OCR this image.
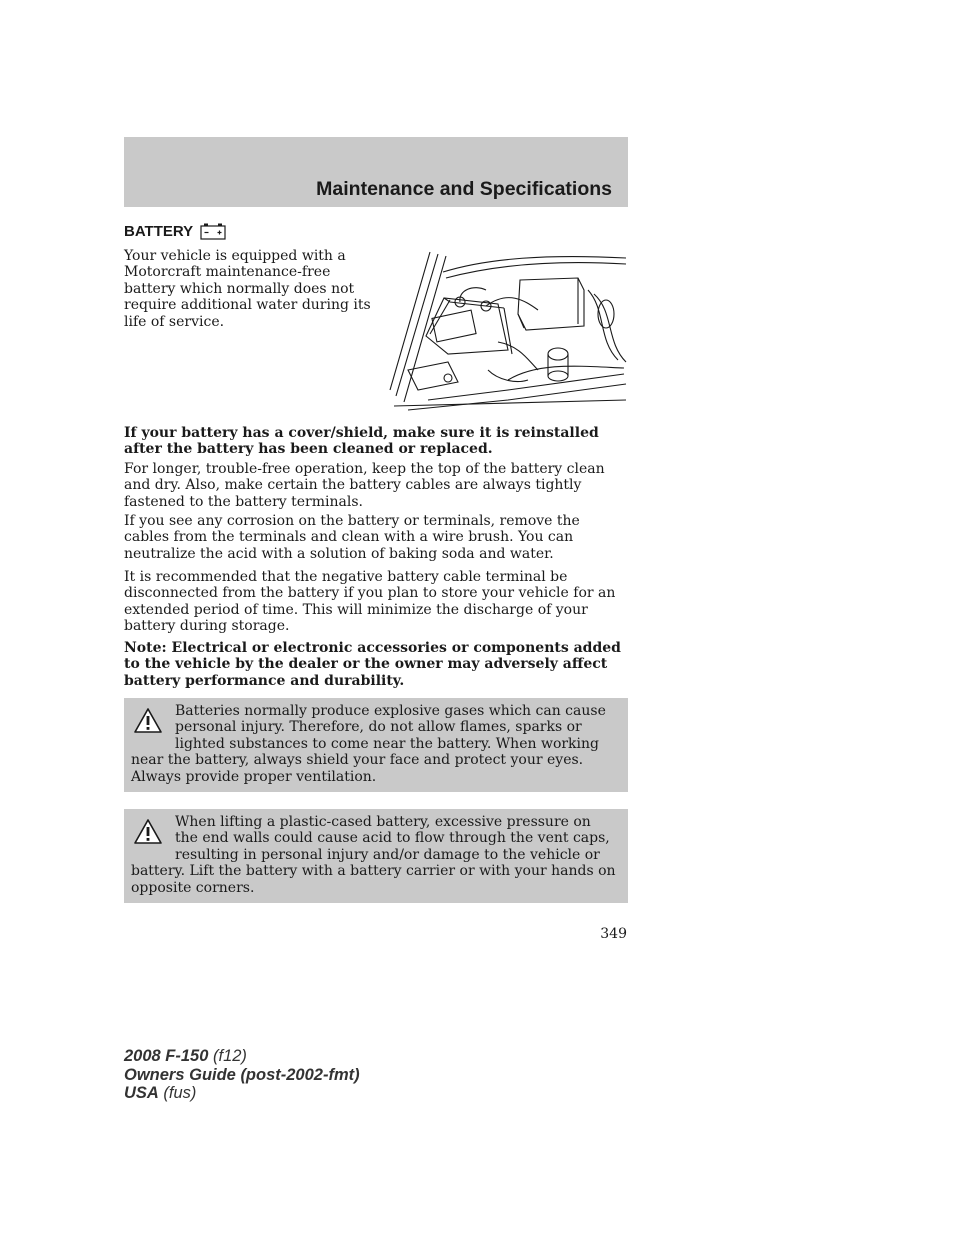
Maintenance and Specifications
BATTERY
Your vehicle is equipped with a Motorcraft maintenance-free battery which normally does not require additional water during its life of service.
If your battery has a cover/shield, make sure it is reinstalled after the battery has been cleaned or replaced.
For longer, trouble-free operation, keep the top of the battery clean and dry. Also, make certain the battery cables are always tightly fastened to the battery terminals.
If you see any corrosion on the battery or terminals, remove the cables from the terminals and clean with a wire brush. You can neutralize the acid with a solution of baking soda and water.
It is recommended that the negative battery cable terminal be disconnected from the battery if you plan to store your vehicle for an extended period of time. This will minimize the discharge of your battery during storage.
Note: Electrical or electronic accessories or components added to the vehicle by the dealer or the owner may adversely affect battery performance and durability.
Batteries normally produce explosive gases which can cause personal injury. Therefore, do not allow flames, sparks or lighted substances to come near the battery. When working near the battery, always shield your face and protect your eyes. Always provide proper ventilation.
When lifting a plastic-cased battery, excessive pressure on the end walls could cause acid to flow through the vent caps, resulting in personal injury and/or damage to the vehicle or battery. Lift the battery with a battery carrier or with your hands on opposite corners.
349
2008 F-150 (f12)
Owners Guide (post-2002-fmt)
USA (fus)
